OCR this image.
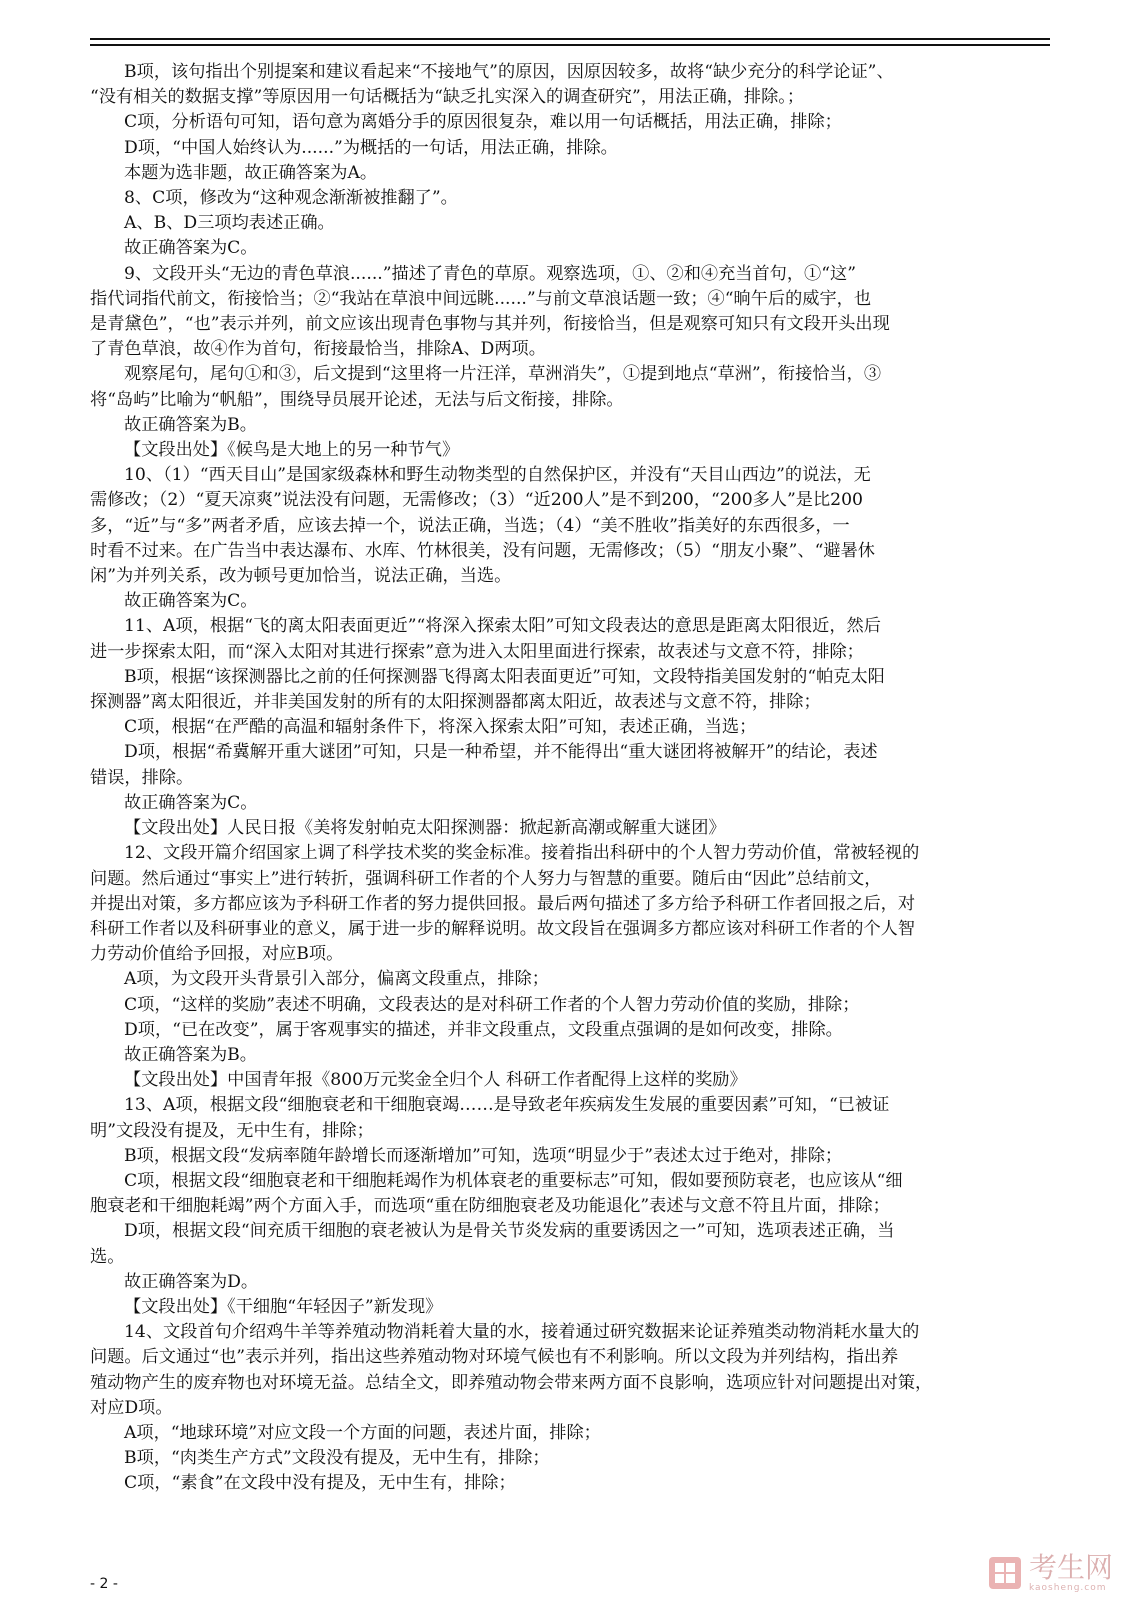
B项，该句指出个别提案和建议看起来“不接地气”的原因，因原因较多，故将“缺少充分的科学论证”、
“没有相关的数据支撑”等原因用一句话概括为“缺乏扎实深入的调查研究”，用法正确，排除。；
C项，分析语句可知，语句意为离婚分手的原因很复杂，难以用一句话概括，用法正确，排除；
D项，“中国人始终认为......”为概括的一句话，用法正确，排除。
本题为选非题，故正确答案为A。
8、C项，修改为“这种观念渐渐被推翻了”。
A、B、D三项均表述正确。
故正确答案为C。
9、文段开头“无边的青色草浪......”描述了青色的草原。观察选项，①、②和④充当首句，①“这”
指代词指代前文，衔接恰当；②“我站在草浪中间远眺......”与前文草浪话题一致；④“晌午后的威宇，也
是青黛色”，“也”表示并列，前文应该出现青色事物与其并列，衔接恰当，但是观察可知只有文段开头出现
了青色草浪，故④作为首句，衔接最恰当，排除A、D两项。
观察尾句，尾句①和③，后文提到“这里将一片汪洋，草洲消失”，①提到地点“草洲”，衔接恰当，③
将“岛屿”比喻为“帆船”，围绕导员展开论述，无法与后文衔接，排除。
故正确答案为B。
【文段出处】《候鸟是大地上的另一种节气》
10、（1）“西天目山”是国家级森林和野生动物类型的自然保护区，并没有“天目山西边”的说法，无
需修改；（2）“夏天凉爽”说法没有问题，无需修改；（3）“近200人”是不到200，“200多人”是比200
多，“近”与“多”两者矛盾，应该去掉一个，说法正确，当选；（4）“美不胜收”指美好的东西很多，一
时看不过来。在广告当中表达瀑布、水库、竹林很美，没有问题，无需修改；（5）“朋友小聚”、“避暑休
闲”为并列关系，改为顿号更加恰当，说法正确，当选。
故正确答案为C。
11、A项，根据“飞的离太阳表面更近”“将深入探索太阳”可知文段表达的意思是距离太阳很近，然后
进一步探索太阳，而“深入太阳对其进行探索”意为进入太阳里面进行探索，故表述与文意不符，排除；
B项，根据“该探测器比之前的任何探测器飞得离太阳表面更近”可知，文段特指美国发射的“帕克太阳
探测器”离太阳很近，并非美国发射的所有的太阳探测器都离太阳近，故表述与文意不符，排除；
C项，根据“在严酷的高温和辐射条件下，将深入探索太阳”可知，表述正确，当选；
D项，根据“希冀解开重大谜团”可知，只是一种希望，并不能得出“重大谜团将被解开”的结论，表述
错误，排除。
故正确答案为C。
【文段出处】人民日报《美将发射帕克太阳探测器：掀起新高潮或解重大谜团》
12、文段开篇介绍国家上调了科学技术奖的奖金标准。接着指出科研中的个人智力劳动价值，常被轻视的
问题。然后通过“事实上”进行转折，强调科研工作者的个人努力与智慧的重要。随后由“因此”总结前文，
并提出对策，多方都应该为予科研工作者的努力提供回报。最后两句描述了多方给予科研工作者回报之后，对
科研工作者以及科研事业的意义，属于进一步的解释说明。故文段旨在强调多方都应该对科研工作者的个人智
力劳动价值给予回报，对应B项。
A项，为文段开头背景引入部分，偏离文段重点，排除；
C项，“这样的奖励”表述不明确，文段表达的是对科研工作者的个人智力劳动价值的奖励，排除；
D项，“已在改变”，属于客观事实的描述，并非文段重点，文段重点强调的是如何改变，排除。
故正确答案为B。
【文段出处】中国青年报《800万元奖金全归个人 科研工作者配得上这样的奖励》
13、A项，根据文段“细胞衰老和干细胞衰竭……是导致老年疾病发生发展的重要因素”可知，“已被证
明”文段没有提及，无中生有，排除；
B项，根据文段“发病率随年龄增长而逐渐增加”可知，选项“明显少于”表述太过于绝对，排除；
C项，根据文段“细胞衰老和干细胞耗竭作为机体衰老的重要标志”可知，假如要预防衰老，也应该从“细
胞衰老和干细胞耗竭”两个方面入手，而选项“重在防细胞衰老及功能退化”表述与文意不符且片面，排除；
D项，根据文段“间充质干细胞的衰老被认为是骨关节炎发病的重要诱因之一”可知，选项表述正确，当
选。
故正确答案为D。
【文段出处】《干细胞“年轻因子”新发现》
14、文段首句介绍鸡牛羊等养殖动物消耗着大量的水，接着通过研究数据来论证养殖类动物消耗水量大的
问题。后文通过“也”表示并列，指出这些养殖动物对环境气候也有不利影响。所以文段为并列结构，指出养
殖动物产生的废弃物也对环境无益。总结全文，即养殖动物会带来两方面不良影响，选项应针对问题提出对策，
对应D项。
A项，“地球环境”对应文段一个方面的问题，表述片面，排除；
B项，“肉类生产方式”文段没有提及，无中生有，排除；
C项，“素食”在文段中没有提及，无中生有，排除；
- 2 -	考生网
kaosheng.com
